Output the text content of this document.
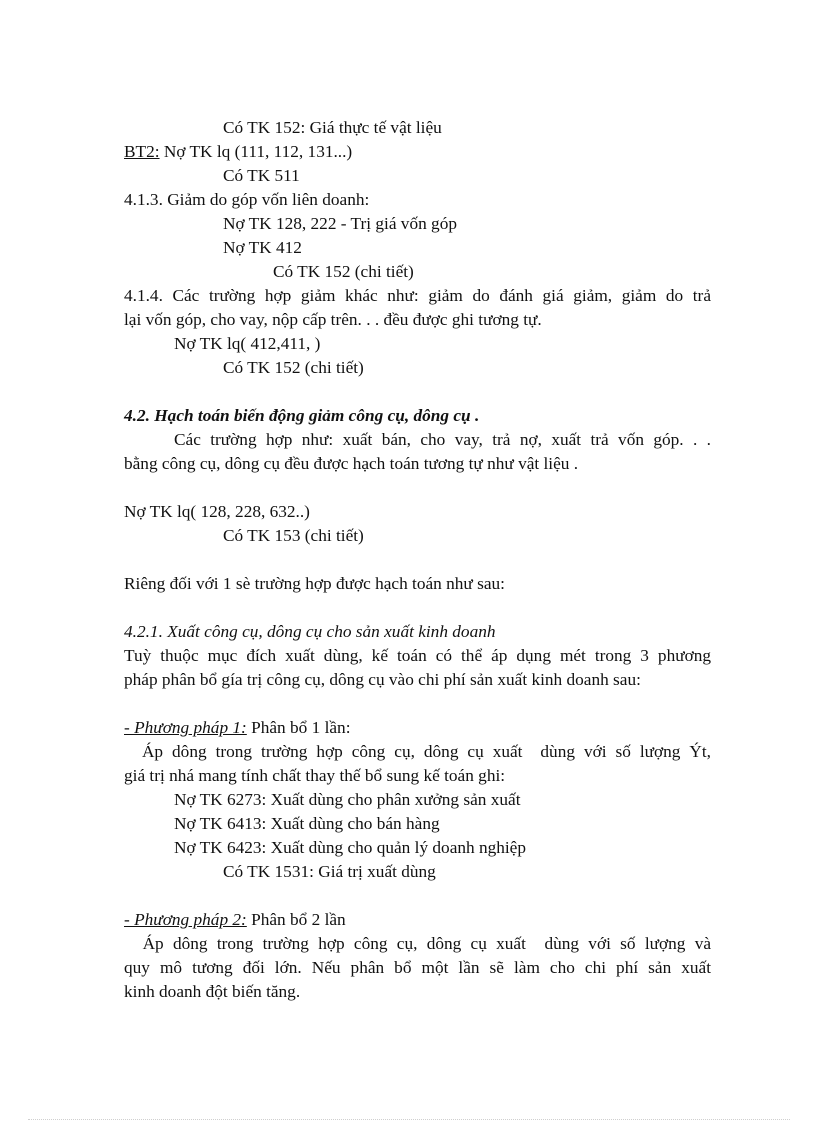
Có TK 152: Giá thực tế vật liệu
BT2: Nợ TK lq (111, 112, 131...)
Có TK 511
4.1.3. Giảm do góp vốn liên doanh:
Nợ TK 128, 222 - Trị giá vốn góp
Nợ TK 412
Có TK 152 (chi tiết)
4.1.4. Các trường hợp giảm khác như: giảm do đánh giá giảm, giảm do trả
lại vốn góp, cho vay, nộp cấp trên. . . đều được ghi tương tự.
Nợ TK lq( 412,411, )
Có TK 152 (chi tiết)
4.2. Hạch toán biến động giảm công cụ, dông cụ .
Các trường hợp như: xuất bán, cho vay, trả nợ, xuất trả vốn góp. . .
bằng công cụ, dông cụ đều được hạch toán tương tự như vật liệu .
Nợ TK lq( 128, 228, 632..)
Có TK 153 (chi tiết)
Riêng đối với 1 sè trường hợp được hạch toán như sau:
4.2.1. Xuất công cụ, dông cụ cho sản xuất kinh doanh
Tuỳ thuộc mục đích xuất dùng, kế toán có thể áp dụng mét trong 3 phương
pháp phân bổ gía trị công cụ, dông cụ vào chi phí sản xuất kinh doanh sau:
- Phương pháp 1: Phân bổ 1 lần:
Áp dông trong trường hợp công cụ, dông cụ xuất  dùng với số lượng Ýt,
giá trị nhá mang tính chất thay thế bổ sung kế toán ghi:
Nợ TK 6273: Xuất dùng cho phân xưởng sản xuất
Nợ TK 6413: Xuất dùng cho bán hàng
Nợ TK 6423: Xuất dùng cho quản lý doanh nghiệp
Có TK 1531: Giá trị xuất dùng
- Phương pháp 2: Phân bổ 2 lần
Áp dông trong trường hợp công cụ, dông cụ xuất  dùng với số lượng và
quy mô tương đối lớn. Nếu phân bổ một lần sẽ làm cho chi phí sản xuất
kinh doanh đột biến tăng.
